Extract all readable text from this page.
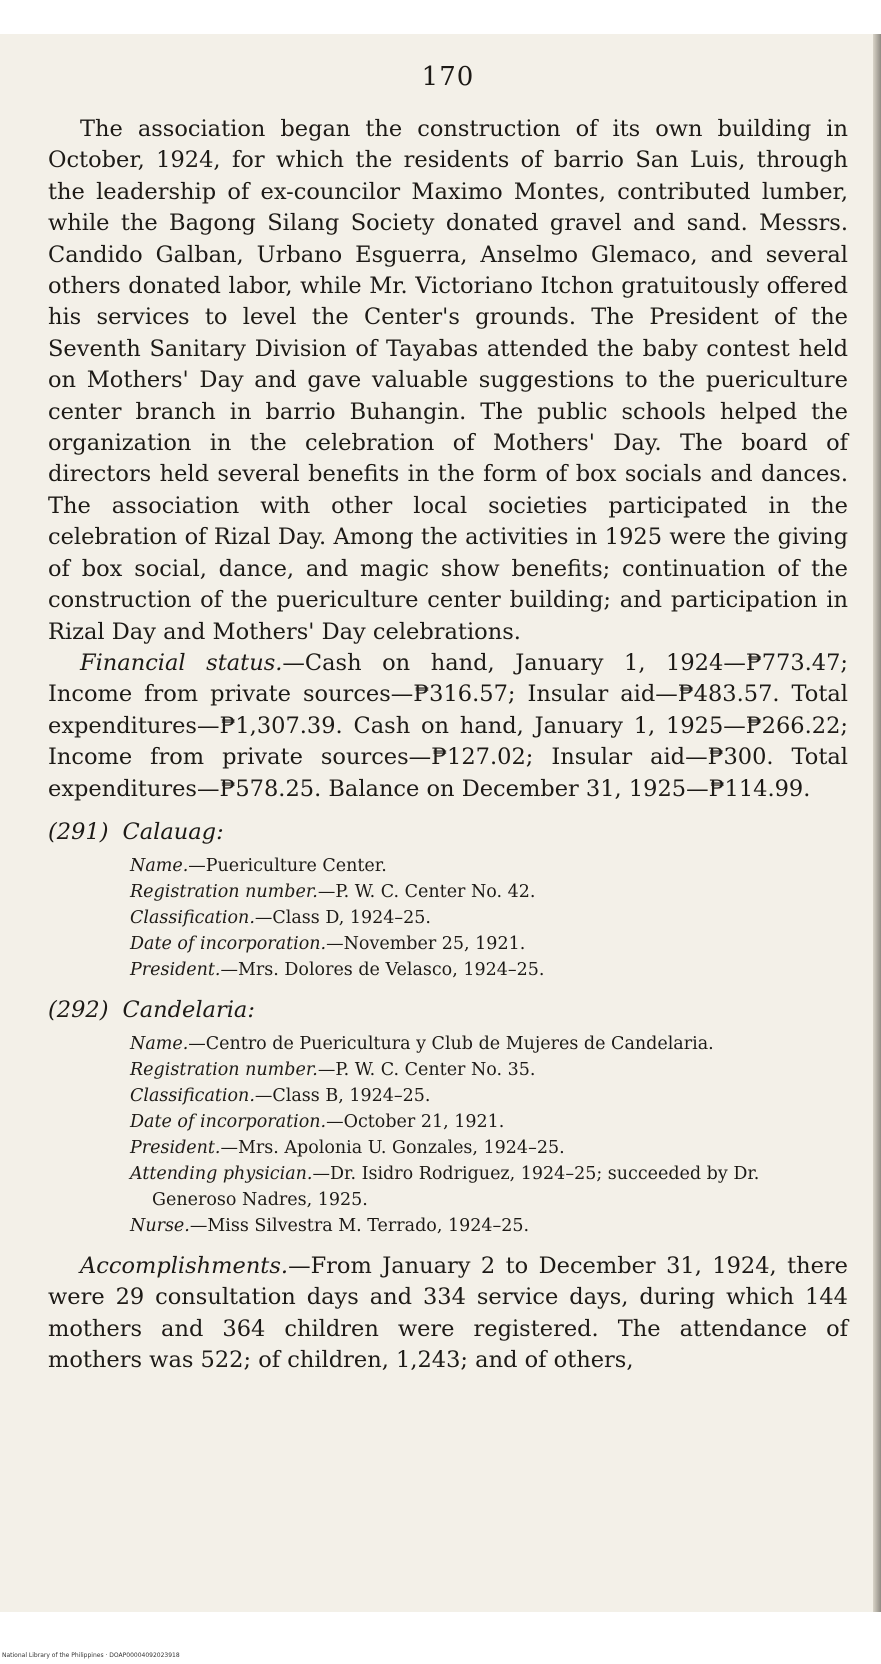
170

The association began the construction of its own building in October, 1924, for which the residents of barrio San Luis, through the leadership of ex-councilor Maximo Montes, contributed lumber, while the Bagong Silang Society donated gravel and sand. Messrs. Candido Galban, Urbano Esguerra, Anselmo Glemaco, and several others donated labor, while Mr. Victoriano Itchon gratuitously offered his services to level the Center's grounds. The President of the Seventh Sanitary Division of Tayabas attended the baby contest held on Mothers' Day and gave valuable suggestions to the puericulture center branch in barrio Buhangin. The public schools helped the organization in the celebration of Mothers' Day. The board of directors held several benefits in the form of box socials and dances. The association with other local societies participated in the celebration of Rizal Day. Among the activities in 1925 were the giving of box social, dance, and magic show benefits; continuation of the construction of the puericulture center building; and participation in Rizal Day and Mothers' Day celebrations.

Financial status.—Cash on hand, January 1, 1924—₱773.47; Income from private sources—₱316.57; Insular aid—₱483.57. Total expenditures—₱1,307.39. Cash on hand, January 1, 1925—₱266.22; Income from private sources—₱127.02; Insular aid—₱300. Total expenditures—₱578.25. Balance on December 31, 1925—₱114.99.

(291) Calauag:
Name.—Puericulture Center.
Registration number.—P. W. C. Center No. 42.
Classification.—Class D, 1924–25.
Date of incorporation.—November 25, 1921.
President.—Mrs. Dolores de Velasco, 1924–25.
(292) Candelaria:
Name.—Centro de Puericultura y Club de Mujeres de Candelaria.
Registration number.—P. W. C. Center No. 35.
Classification.—Class B, 1924–25.
Date of incorporation.—October 21, 1921.
President.—Mrs. Apolonia U. Gonzales, 1924–25.
Attending physician.—Dr. Isidro Rodriguez, 1924–25; succeeded by Dr. Generoso Nadres, 1925.
Nurse.—Miss Silvestra M. Terrado, 1924–25.

Accomplishments.—From January 2 to December 31, 1924, there were 29 consultation days and 334 service days, during which 144 mothers and 364 children were registered. The attendance of mothers was 522; of children, 1,243; and of others,

National Library of the Philippines · DOAP00004092023918
